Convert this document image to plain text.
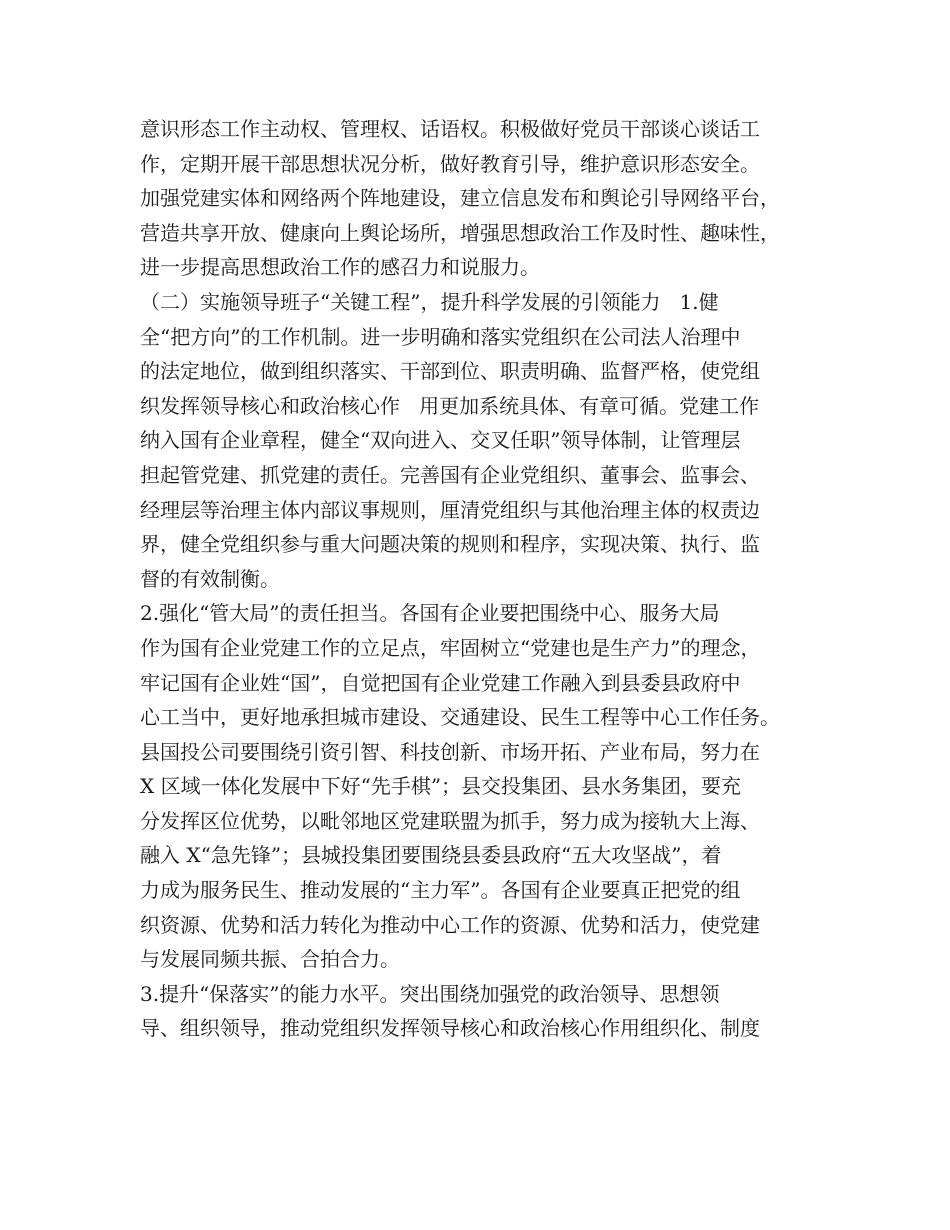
意识形态工作主动权、管理权、话语权。积极做好党员干部谈心谈话工
作，定期开展干部思想状况分析，做好教育引导，维护意识形态安全。
加强党建实体和网络两个阵地建设，建立信息发布和舆论引导网络平台，
营造共享开放、健康向上舆论场所，增强思想政治工作及时性、趣味性，
进一步提高思想政治工作的感召力和说服力。
（二）实施领导班子“关键工程”，提升科学发展的引领能力   1.健
全“把方向”的工作机制。进一步明确和落实党组织在公司法人治理中
的法定地位，做到组织落实、干部到位、职责明确、监督严格，使党组
织发挥领导核心和政治核心作   用更加系统具体、有章可循。党建工作
纳入国有企业章程，健全“双向进入、交叉任职”领导体制，让管理层
担起管党建、抓党建的责任。完善国有企业党组织、董事会、监事会、
经理层等治理主体内部议事规则，厘清党组织与其他治理主体的权责边
界，健全党组织参与重大问题决策的规则和程序，实现决策、执行、监
督的有效制衡。
2.强化“管大局”的责任担当。各国有企业要把围绕中心、服务大局
作为国有企业党建工作的立足点，牢固树立“党建也是生产力”的理念，
牢记国有企业姓“国”，自觉把国有企业党建工作融入到县委县政府中
心工当中，更好地承担城市建设、交通建设、民生工程等中心工作任务。
县国投公司要围绕引资引智、科技创新、市场开拓、产业布局，努力在
X 区域一体化发展中下好“先手棋”；县交投集团、县水务集团，要充
分发挥区位优势，以毗邻地区党建联盟为抓手，努力成为接轨大上海、
融入 X“急先锋”；县城投集团要围绕县委县政府“五大攻坚战”，着
力成为服务民生、推动发展的“主力军”。各国有企业要真正把党的组
织资源、优势和活力转化为推动中心工作的资源、优势和活力，使党建
与发展同频共振、合拍合力。
3.提升“保落实”的能力水平。突出围绕加强党的政治领导、思想领
导、组织领导，推动党组织发挥领导核心和政治核心作用组织化、制度
